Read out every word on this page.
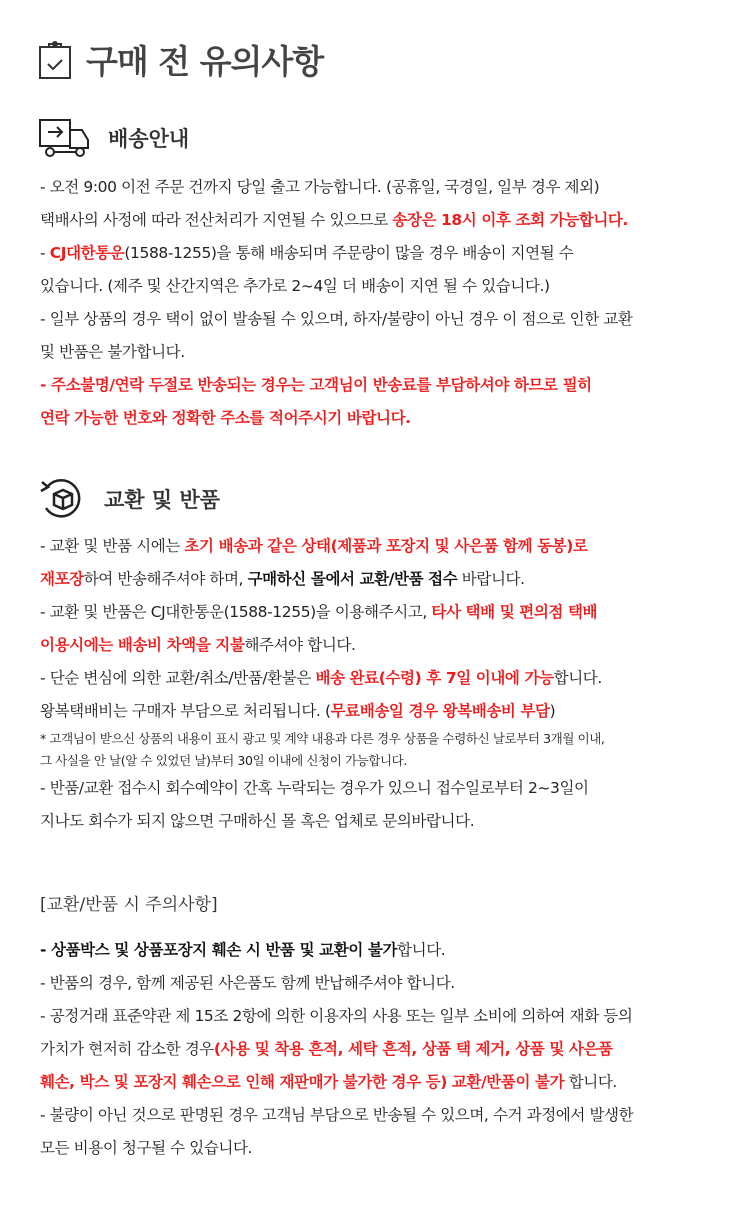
구매 전 유의사항
배송안내
- 오전 9:00 이전 주문 건까지 당일 출고 가능합니다. (공휴일, 국경일, 일부 경우 제외)
택배사의 사정에 따라 전산처리가 지연될 수 있으므로 송장은 18시 이후 조회 가능합니다.
- CJ대한통운(1588-1255)을 통해 배송되며 주문량이 많을 경우 배송이 지연될 수
있습니다. (제주 및 산간지역은 추가로 2~4일 더 배송이 지연 될 수 있습니다.)
- 일부 상품의 경우 택이 없이 발송될 수 있으며, 하자/불량이 아닌 경우 이 점으로 인한 교환
및 반품은 불가합니다.
- 주소불명/연락 두절로 반송되는 경우는 고객님이 반송료를 부담하셔야 하므로 필히
연락 가능한 번호와 정확한 주소를 적어주시기 바랍니다.
교환 및 반품
- 교환 및 반품 시에는 초기 배송과 같은 상태(제품과 포장지 및 사은품 함께 동봉)로
재포장하여 반송해주셔야 하며, 구매하신 몰에서 교환/반품 접수 바랍니다.
- 교환 및 반품은 CJ대한통운(1588-1255)을 이용해주시고, 타사 택배 및 편의점 택배
이용시에는 배송비 차액을 지불해주셔야 합니다.
- 단순 변심에 의한 교환/취소/반품/환불은 배송 완료(수령) 후 7일 이내에 가능합니다.
왕복택배비는 구매자 부담으로 처리됩니다. (무료배송일 경우 왕복배송비 부담)
* 고객님이 받으신 상품의 내용이 표시 광고 및 계약 내용과 다른 경우 상품을 수령하신 날로부터 3개월 이내,
그 사실을 안 날(알 수 있었던 날)부터 30일 이내에 신청이 가능합니다.
- 반품/교환 접수시 회수예약이 간혹 누락되는 경우가 있으니 접수일로부터 2~3일이
지나도 회수가 되지 않으면 구매하신 몰 혹은 업체로 문의바랍니다.
[교환/반품 시 주의사항]
- 상품박스 및 상품포장지 훼손 시 반품 및 교환이 불가합니다.
- 반품의 경우, 함께 제공된 사은품도 함께 반납해주셔야 합니다.
- 공정거래 표준약관 제 15조 2항에 의한 이용자의 사용 또는 일부 소비에 의하여 재화 등의
가치가 현저히 감소한 경우(사용 및 착용 흔적, 세탁 흔적, 상품 택 제거, 상품 및 사은품
훼손, 박스 및 포장지 훼손으로 인해 재판매가 불가한 경우 등) 교환/반품이 불가 합니다.
- 불량이 아닌 것으로 판명된 경우 고객님 부담으로 반송될 수 있으며, 수거 과정에서 발생한
모든 비용이 청구될 수 있습니다.
